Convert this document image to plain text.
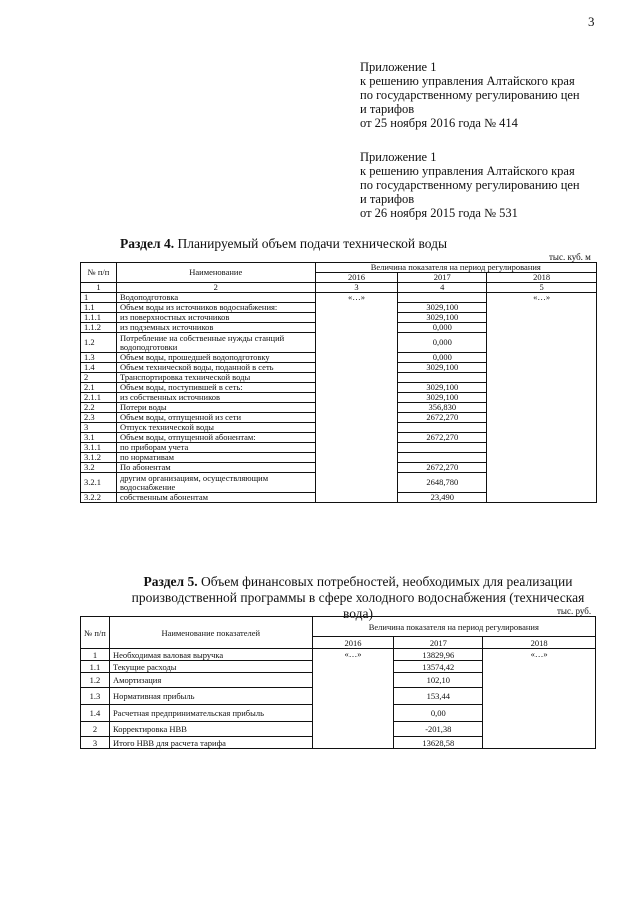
3
Приложение 1
к решению управления Алтайского края
по государственному регулированию цен
и тарифов
от 25 ноября 2016 года № 414
Приложение 1
к решению управления Алтайского края
по государственному регулированию цен
и тарифов
от 26 ноября 2015 года № 531
Раздел 4. Планируемый объем подачи технической воды
тыс. куб. м
№ п/п	Наименование	Величина показателя на период регулирования		
		2016	2017	2018
1	2	3	4	5
1	Водоподготовка	«…»		«…»
1.1	Объем воды из источников водоснабжения:		3029,100	
1.1.1	из поверхностных источников		3029,100	
1.1.2	из подземных источников		0,000	
1.2	Потребление на собственные нужды станций водоподготовки		0,000	
1.3	Объем воды, прошедшей водоподготовку		0,000	
1.4	Объем технической воды, поданной в сеть		3029,100	
2	Транспортировка технической воды			
2.1	Объем воды, поступившей в сеть:		3029,100	
2.1.1	из собственных источников		3029,100	
2.2	Потери воды		356,830	
2.3	Объем воды, отпущенной из сети		2672,270	
3	Отпуск технической воды			
3.1	Объем воды, отпущенной абонентам:		2672,270	
3.1.1	по приборам учета			
3.1.2	по нормативам			
3.2	По абонентам		2672,270	
3.2.1	другим организациям, осуществляющим водоснабжение		2648,780	
3.2.2	собственным абонентам		23,490	
Раздел 5. Объем финансовых потребностей, необходимых для реализации производственной программы в сфере холодного водоснабжения (техническая вода)	тыс. руб.
№ п/п	Наименование показателей	Величина показателя на период регулирования		
		2016	2017	2018
1	Необходимая валовая выручка	«…»	13829,96	«…»
1.1	Текущие расходы		13574,42	
1.2	Амортизация		102,10	
1.3	Нормативная прибыль		153,44	
1.4	Расчетная предпринимательская прибыль		0,00	
2	Корректировка НВВ		-201,38	
3	Итого НВВ для расчета тарифа		13628,58	
